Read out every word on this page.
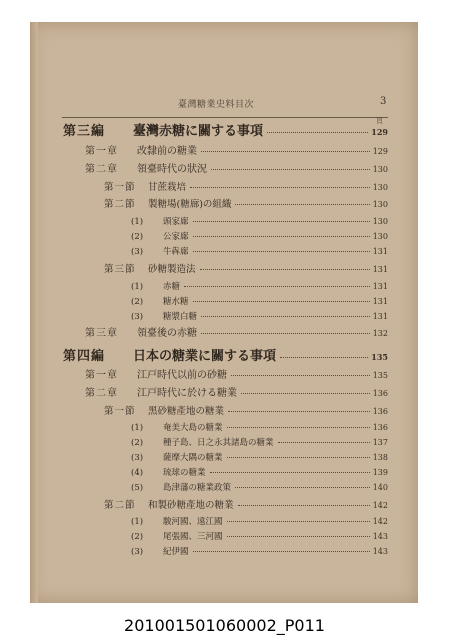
臺灣糖業史料目次	3
頁
第三編	臺灣赤糖に關する事項	129
第一章	改隸前の糖業	129
第二章	領臺時代の狀況	130
第一節	甘蔗栽培	130
第二節	製糖場(糖廍)の組織	130
(1)	頭家廍	130
(2)	公家廍	130
(3)	牛犇廍	131
第三節	砂糖製造法	131
(1)	赤糖	131
(2)	糖水糖	131
(3)	糖漿白糖	131
第三章	領臺後の赤糖	132
第四編	日本の糖業に關する事項	135
第一章	江戸時代以前の砂糖	135
第二章	江戸時代に於ける糖業	136
第一節	黑砂糖產地の糖業	136
(1)	奄美大島の糖業	136
(2)	種子島、日之永其諸島の糖業	137
(3)	薩摩大隅の糖業	138
(4)	琉球の糖業	139
(5)	島津藩の糖業政策	140
第二節	和製砂糖產地の糖業	142
(1)	駿河國、遠江國	142
(2)	尾張國、三河國	143
(3)	紀伊國	143
201001501060002_P011
